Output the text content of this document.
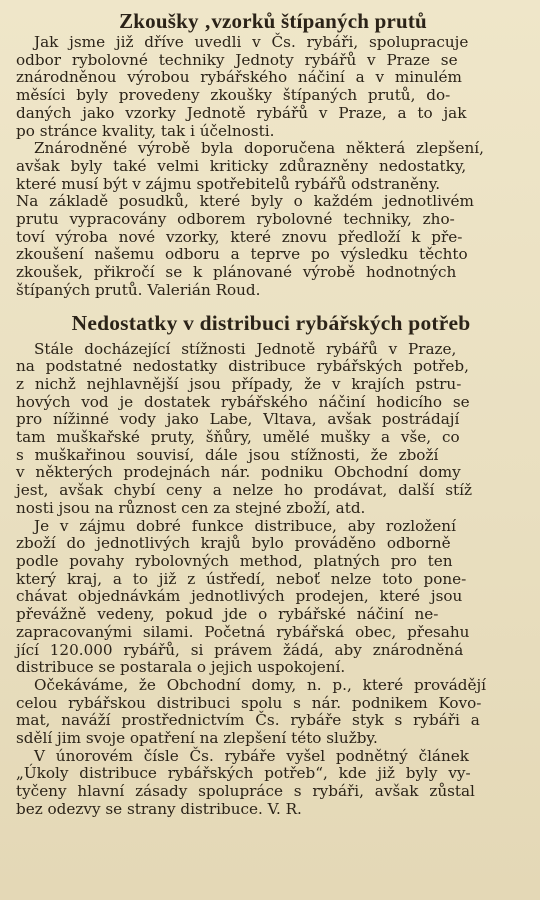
Zkoušky ‚vzorků štípaných prutů

Jak jsme již dříve uvedli v Čs. rybáři, spolupracuje
odbor rybolovné techniky Jednoty rybářů v Praze se
znárodněnou výrobou rybářského náčiní a v minulém
měsíci byly provedeny zkoušky štípaných prutů, do-
daných jako vzorky Jednotě rybářů v Praze, a to jak
po stránce kvality, tak i účelnosti.

Znárodněné výrobě byla doporučena některá zlepšení,
avšak byly také velmi kriticky zdůrazněny nedostatky,
které musí být v zájmu spotřebitelů rybářů odstraněny.
Na základě posudků, které byly o každém jednotlivém
prutu vypracovány odborem rybolovné techniky, zho-
toví výroba nové vzorky, které znovu předloží k pře-
zkoušení našemu odboru a teprve po výsledku těchto
zkoušek, přikročí se k plánované výrobě hodnotných
štípaných prutů. Valerián Roud.

Nedostatky v distribuci rybářských potřeb

Stále docházející stížnosti Jednotě rybářů v Praze,
na podstatné nedostatky distribuce rybářských potřeb,
z nichž nejhlavnější jsou případy, že v krajích pstru-
hových vod je dostatek rybářského náčiní hodicího se
pro nížinné vody jako Labe, Vltava, avšak postrádají
tam muškařské pruty, šňůry, umělé mušky a vše, co
s muškařinou souvisí, dále jsou stížnosti, že zboží
v některých prodejnách nár. podniku Obchodní domy
jest, avšak chybí ceny a nelze ho prodávat, další stíž
nosti jsou na různost cen za stejné zboží, atd.

Je v zájmu dobré funkce distribuce, aby rozložení
zboží do jednotlivých krajů bylo prováděno odborně
podle povahy rybolovných method, platných pro ten
který kraj, a to již z ústředí, neboť nelze toto pone-
chávat objednávkám jednotlivých prodejen, které jsou
převážně vedeny, pokud jde o rybářské náčiní ne-
zapracovanými silami. Početná rybářská obec, přesahu
jící 120.000 rybářů, si právem žádá, aby znárodněná
distribuce se postarala o jejich uspokojení.

Očekáváme, že Obchodní domy, n. p., které provádějí
celou rybářskou distribuci spolu s nár. podnikem Kovo-
mat, naváží prostřednictvím Čs. rybáře styk s rybáři a
sdělí jim svoje opatření na zlepšení této služby.

V únorovém čísle Čs. rybáře vyšel podnětný článek
„Úkoly distribuce rybářských potřeb“, kde již byly vy-
tyčeny hlavní zásady spolupráce s rybáři, avšak zůstal
bez odezvy se strany distribuce. V. R.
